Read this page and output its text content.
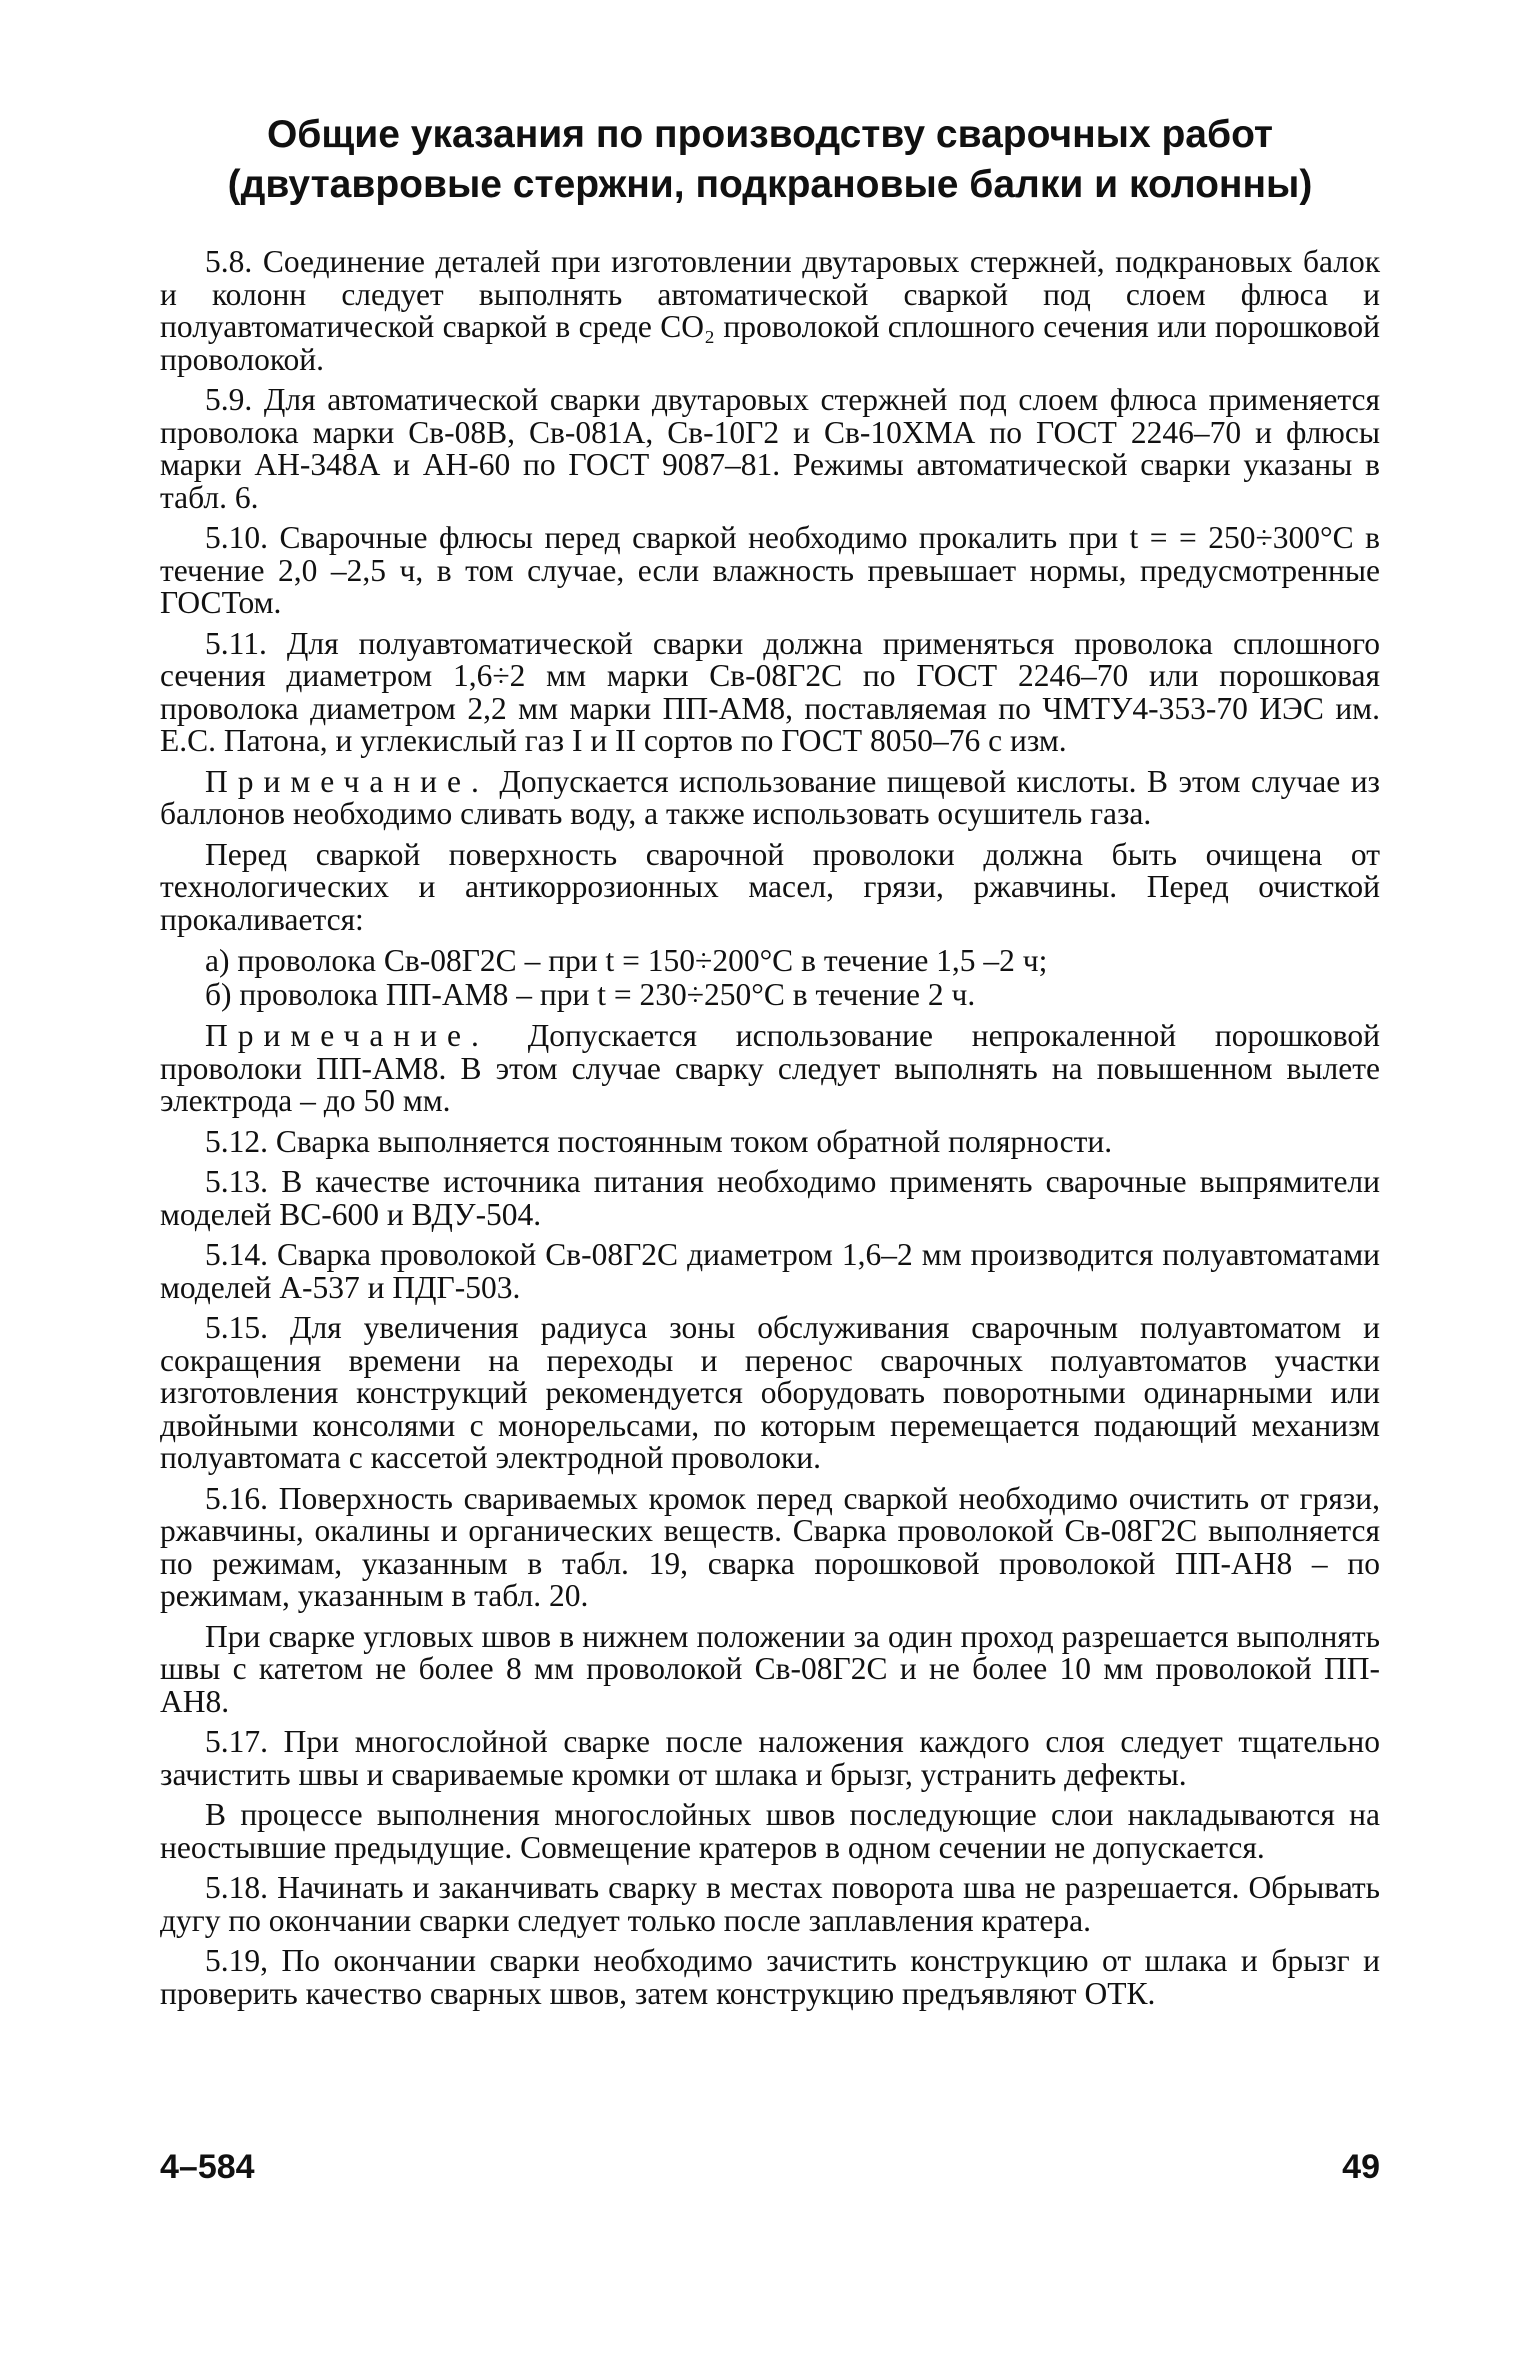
Общие указания по производству сварочных работ
(двутавровые стержни, подкрановые балки и колонны)

5.8. Соединение деталей при изготовлении двутаровых стержней, подкрановых балок и колонн следует выполнять автоматической сваркой под слоем флюса и полуавтоматической сваркой в среде CO₂ проволокой сплошного сечения или порошковой проволокой.

5.9. Для автоматической сварки двутаровых стержней под слоем флюса применяется проволока марки Св-08В, Св-081А, Св-10Г2 и Св-10ХМА по ГОСТ 2246–70 и флюсы марки АН-348А и АН-60 по ГОСТ 9087–81. Режимы автоматической сварки указаны в табл. 6.

5.10. Сварочные флюсы перед сваркой необходимо прокалить при t = = 250÷300°C в течение 2,0 –2,5 ч, в том случае, если влажность превышает нормы, предусмотренные ГОСТом.

5.11. Для полуавтоматической сварки должна применяться проволока сплошного сечения диаметром 1,6÷2 мм марки Св-08Г2С по ГОСТ 2246–70 или порошковая проволока диаметром 2,2 мм марки ПП-АМ8, поставляемая по ЧМТУ4-353-70 ИЭС им. Е.С. Патона, и углекислый газ I и II сортов по ГОСТ 8050–76 с изм.

Примечание. Допускается использование пищевой кислоты. В этом случае из баллонов необходимо сливать воду, а также использовать осушитель газа.

Перед сваркой поверхность сварочной проволоки должна быть очищена от технологических и антикоррозионных масел, грязи, ржавчины. Перед очисткой прокаливается:

а) проволока Св-08Г2С – при t = 150÷200°C в течение 1,5 –2 ч;

б) проволока ПП-АМ8 – при t = 230÷250°C в течение 2 ч.

Примечание. Допускается использование непрокаленной порошковой проволоки ПП-АМ8. В этом случае сварку следует выполнять на повышенном вылете электрода – до 50 мм.

5.12. Сварка выполняется постоянным током обратной полярности.

5.13. В качестве источника питания необходимо применять сварочные выпрямители моделей ВС-600 и ВДУ-504.

5.14. Сварка проволокой Св-08Г2С диаметром 1,6–2 мм производится полуавтоматами моделей А-537 и ПДГ-503.

5.15. Для увеличения радиуса зоны обслуживания сварочным полуавтоматом и сокращения времени на переходы и перенос сварочных полуавтоматов участки изготовления конструкций рекомендуется оборудовать поворотными одинарными или двойными консолями с монорельсами, по которым перемещается подающий механизм полуавтомата с кассетой электродной проволоки.

5.16. Поверхность свариваемых кромок перед сваркой необходимо очистить от грязи, ржавчины, окалины и органических веществ. Сварка проволокой Св-08Г2С выполняется по режимам, указанным в табл. 19, сварка порошковой проволокой ПП-АН8 – по режимам, указанным в табл. 20.

При сварке угловых швов в нижнем положении за один проход разрешается выполнять швы с катетом не более 8 мм проволокой Св-08Г2С и не более 10 мм проволокой ПП-АН8.

5.17. При многослойной сварке после наложения каждого слоя следует тщательно зачистить швы и свариваемые кромки от шлака и брызг, устранить дефекты.

В процессе выполнения многослойных швов последующие слои накладываются на неостывшие предыдущие. Совмещение кратеров в одном сечении не допускается.

5.18. Начинать и заканчивать сварку в местах поворота шва не разрешается. Обрывать дугу по окончании сварки следует только после заплавления кратера.

5.19, По окончании сварки необходимо зачистить конструкцию от шлака и брызг и проверить качество сварных швов, затем конструкцию предъявляют ОТК.

4–584	49
